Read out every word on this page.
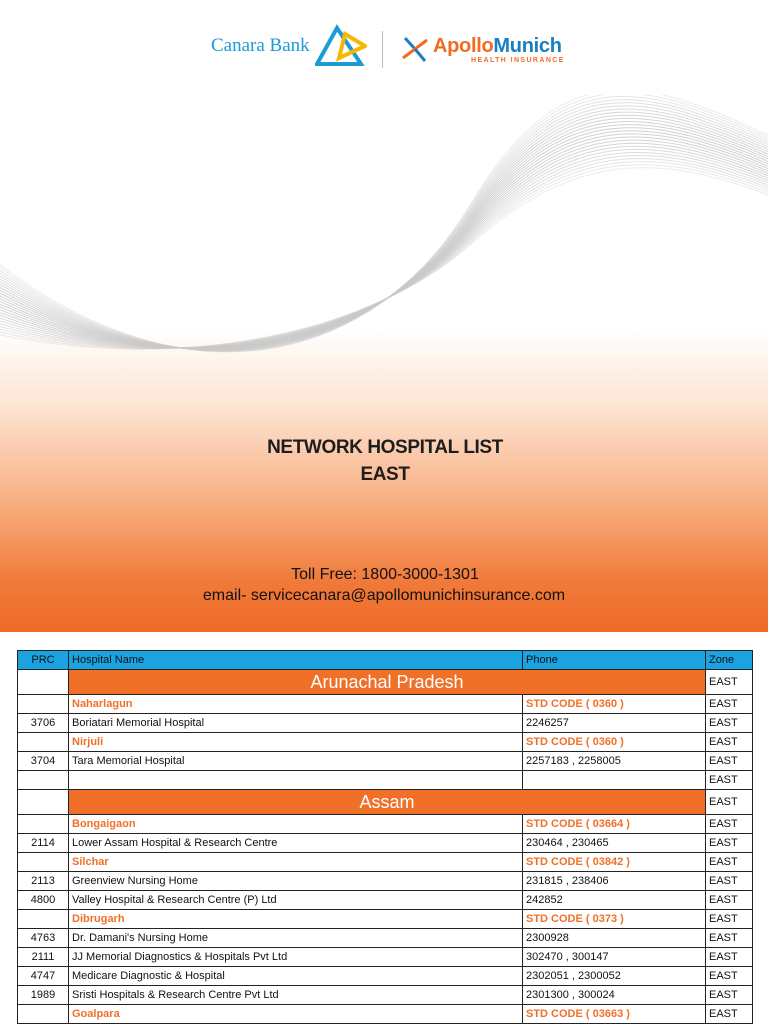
Canara Bank	ApolloMunich
HEALTH INSURANCE
NETWORK HOSPITAL LIST
EAST
Toll Free: 1800-3000-1301
email- servicecanara@apollomunichinsurance.com
PRC	Hospital Name	Phone	Zone
	Arunachal Pradesh		EAST
	Naharlagun	STD CODE ( 0360 )	EAST
3706	Boriatari Memorial Hospital	2246257	EAST
	Nirjuli	STD CODE ( 0360 )	EAST
3704	Tara Memorial Hospital	2257183 , 2258005	EAST
			EAST
	Assam		EAST
	Bongaigaon	STD CODE ( 03664 )	EAST
2114	Lower Assam Hospital & Research Centre	230464 , 230465	EAST
	Silchar	STD CODE ( 03842 )	EAST
2113	Greenview Nursing Home	231815 , 238406	EAST
4800	Valley Hospital & Research Centre (P) Ltd	242852	EAST
	Dibrugarh	STD CODE ( 0373 )	EAST
4763	Dr. Damani's Nursing Home	2300928	EAST
2111	JJ Memorial Diagnostics & Hospitals Pvt Ltd	302470 , 300147	EAST
4747	Medicare Diagnostic & Hospital	2302051 , 2300052	EAST
1989	Sristi Hospitals & Research Centre Pvt Ltd	2301300 , 300024	EAST
	Goalpara	STD CODE ( 03663 )	EAST
